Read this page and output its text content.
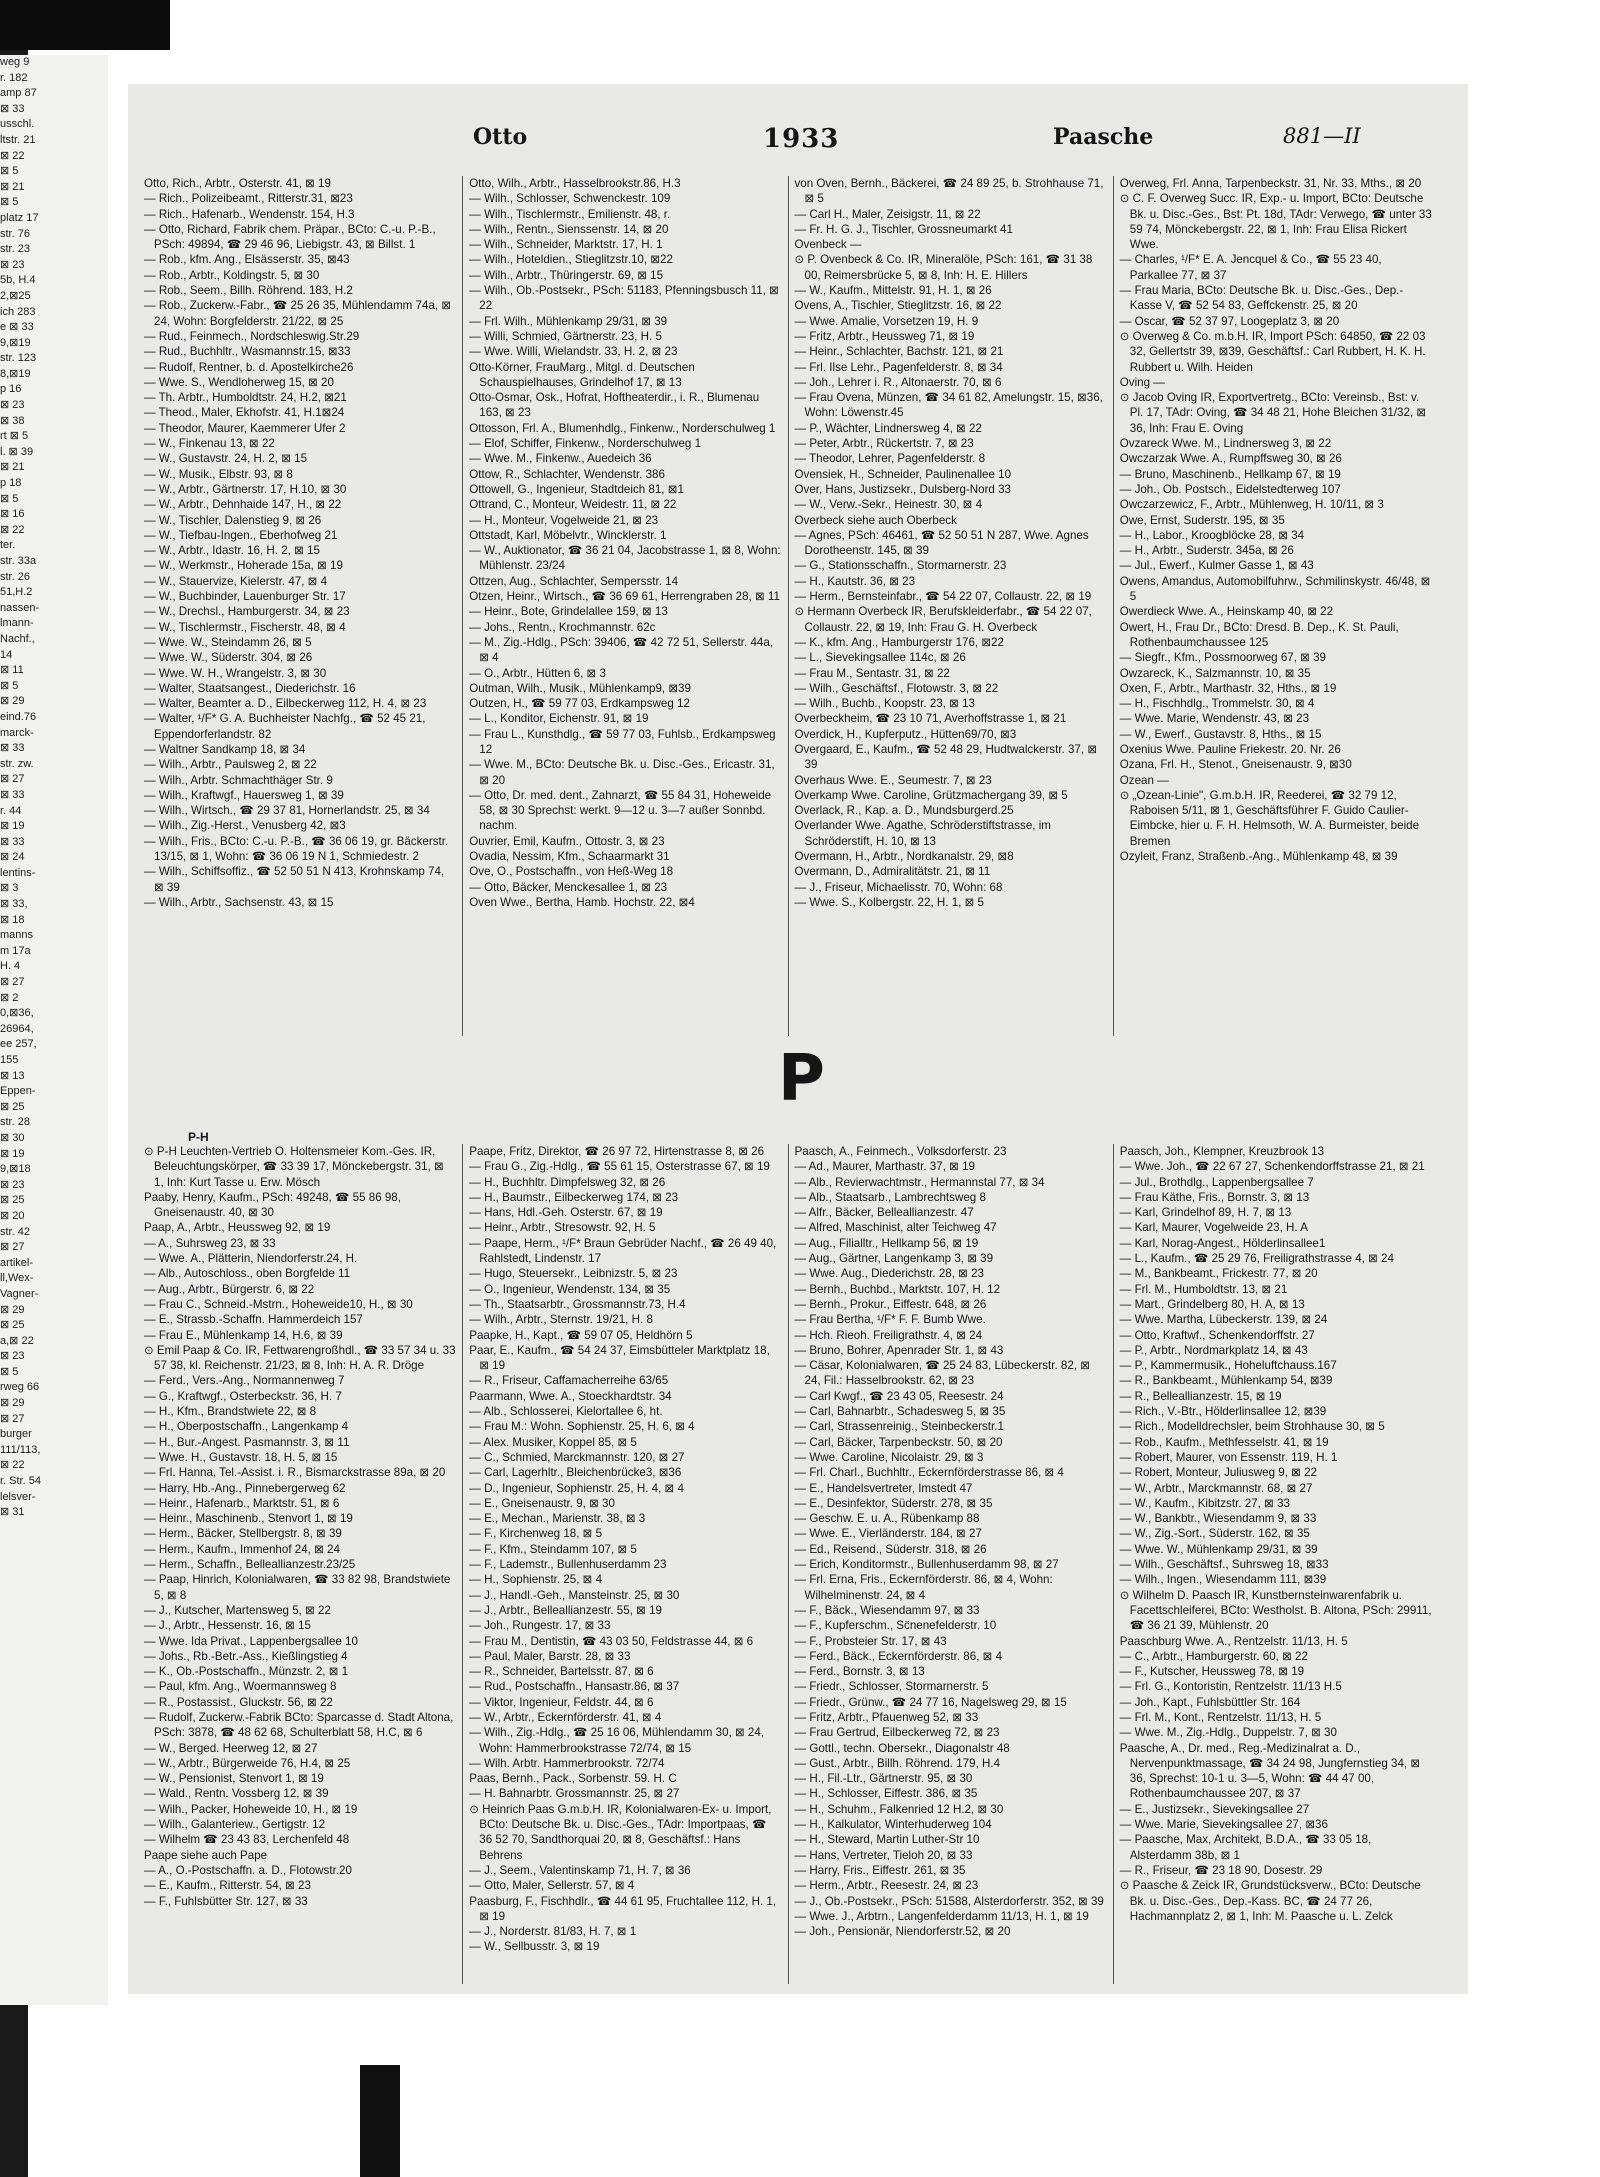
weg 9
r. 182
amp 87
⊠ 33
usschl.
ltstr. 21
⊠ 22
⊠ 5
⊠ 21
⊠ 5
platz 17
str. 76
str. 23
⊠ 23
5b, H.4
2,⊠25
ich 283
e ⊠ 33
9,⊠19
str. 123
8,⊠19
p 16
⊠ 23
⊠ 38
rt ⊠ 5
l. ⊠ 39
⊠ 21
p 18
⊠ 5
⊠ 16
⊠ 22
ter.
str. 33a
str. 26
51,H.2
nassen-
lmann-
Nachf.,
14
⊠ 11
⊠ 5
⊠ 29
eind.76
marck-
⊠ 33
str. zw.
⊠ 27
⊠ 33
r. 44
⊠ 19
⊠ 33
⊠ 24
lentins-
⊠ 3
⊠ 33,
⊠ 18
manns
m 17a
H. 4
⊠ 27
⊠ 2
0,⊠36,
26964,
ee 257,
155
⊠ 13
Eppen-
⊠ 25
str. 28
⊠ 30
⊠ 19
9,⊠18
⊠ 23
⊠ 25
⊠ 20
str. 42
⊠ 27
artikel-
ll,Wex-
Vagner-
⊠ 29
⊠ 25
a,⊠ 22
⊠ 23
⊠ 5
rweg 66
⊠ 29
⊠ 27
burger
111/113,
⊠ 22
r. Str. 54
lelsver-
⊠ 31
Otto	1933	Paasche	881—II
Otto, Rich., Arbtr., Osterstr. 41, ⊠ 19
— Rich., Polizeibeamt., Ritterstr.31, ⊠23
— Rich., Hafenarb., Wendenstr. 154, H.3
— Otto, Richard, Fabrik chem. Präpar., BCto: C.-u. P.-B., PSch: 49894, ☎ 29 46 96, Liebigstr. 43, ⊠ Billst. 1
— Rob., kfm. Ang., Elsässerstr. 35, ⊠43
— Rob., Arbtr., Koldingstr. 5, ⊠ 30
— Rob., Seem., Billh. Röhrend. 183, H.2
— Rob., Zuckerw.-Fabr., ☎ 25 26 35, Mühlendamm 74a, ⊠ 24, Wohn: Borgfelderstr. 21/22, ⊠ 25
— Rud., Feinmech., Nordschleswig.Str.29
— Rud., Buchhltr., Wasmannstr.15, ⊠33
— Rudolf, Rentner, b. d. Apostelkirche26
— Wwe. S., Wendloherweg 15, ⊠ 20
— Th. Arbtr., Humboldtstr. 24, H.2, ⊠21
— Theod., Maler, Ekhofstr. 41, H.1⊠24
— Theodor, Maurer, Kaemmerer Ufer 2
— W., Finkenau 13, ⊠ 22
— W., Gustavstr. 24, H. 2, ⊠ 15
— W., Musik., Elbstr. 93, ⊠ 8
— W., Arbtr., Gärtnerstr. 17, H.10, ⊠ 30
— W., Arbtr., Dehnhaide 147, H., ⊠ 22
— W., Tischler, Dalenstieg 9, ⊠ 26
— W., Tiefbau-Ingen., Eberhofweg 21
— W., Arbtr., Idastr. 16, H. 2, ⊠ 15
— W., Werkmstr., Hoherade 15a, ⊠ 19
— W., Stauervize, Kielerstr. 47, ⊠ 4
— W., Buchbinder, Lauenburger Str. 17
— W., Drechsl., Hamburgerstr. 34, ⊠ 23
— W., Tischlermstr., Fischerstr. 48, ⊠ 4
— Wwe. W., Steindamm 26, ⊠ 5
— Wwe. W., Süderstr. 304, ⊠ 26
— Wwe. W. H., Wrangelstr. 3, ⊠ 30
— Walter, Staatsangest., Diederichstr. 16
— Walter, Beamter a. D., Eilbeckerweg 112, H. 4, ⊠ 23
— Walter, ¹/F* G. A. Buchheister Nachfg., ☎ 52 45 21, Eppendorferlandstr. 82
— Waltner Sandkamp 18, ⊠ 34
— Wilh., Arbtr., Paulsweg 2, ⊠ 22
— Wilh., Arbtr. Schmachthäger Str. 9
— Wilh., Kraftwgf., Hauersweg 1, ⊠ 39
— Wilh., Wirtsch., ☎ 29 37 81, Hornerlandstr. 25, ⊠ 34
— Wilh., Zig.-Herst., Venusberg 42, ⊠3
— Wilh., Fris., BCto: C.-u. P.-B., ☎ 36 06 19, gr. Bäckerstr. 13/15, ⊠ 1, Wohn: ☎ 36 06 19 N 1, Schmiedestr. 2
— Wilh., Schiffsoffiz., ☎ 52 50 51 N 413, Krohnskamp 74, ⊠ 39
— Wilh., Arbtr., Sachsenstr. 43, ⊠ 15
Otto, Wilh., Arbtr., Hasselbrookstr.86, H.3
— Wilh., Schlosser, Schwenckestr. 109
— Wilh., Tischlermstr., Emilienstr. 48, r.
— Wilh., Rentn., Sienssenstr. 14, ⊠ 20
— Wilh., Schneider, Marktstr. 17, H. 1
— Wilh., Hoteldien., Stieglitzstr.10, ⊠22
— Wilh., Arbtr., Thüringerstr. 69, ⊠ 15
— Wilh., Ob.-Postsekr., PSch: 51183, Pfenningsbusch 11, ⊠ 22
— Frl. Wilh., Mühlenkamp 29/31, ⊠ 39
— Willi, Schmied, Gärtnerstr. 23, H. 5
— Wwe. Willi, Wielandstr. 33, H. 2, ⊠ 23
Otto-Körner, FrauMarg., Mitgl. d. Deutschen Schauspielhauses, Grindelhof 17, ⊠ 13
Otto-Osmar, Osk., Hofrat, Hoftheaterdir., i. R., Blumenau 163, ⊠ 23
Ottosson, Frl. A., Blumenhdlg., Finkenw., Norderschulweg 1
— Elof, Schiffer, Finkenw., Norderschulweg 1
— Wwe. M., Finkenw., Auedeich 36
Ottow, R., Schlachter, Wendenstr. 386
Ottowell, G., Ingenieur, Stadtdeich 81, ⊠1
Ottrand, C., Monteur, Weidestr. 11, ⊠ 22
— H., Monteur, Vogelweide 21, ⊠ 23
Ottstadt, Karl, Möbelvtr., Wincklerstr. 1
— W., Auktionator, ☎ 36 21 04, Jacobstrasse 1, ⊠ 8, Wohn: Mühlenstr. 23/24
Ottzen, Aug., Schlachter, Sempersstr. 14
Otzen, Heinr., Wirtsch., ☎ 36 69 61, Herrengraben 28, ⊠ 11
— Heinr., Bote, Grindelallee 159, ⊠ 13
— Johs., Rentn., Krochmannstr. 62c
— M., Zig.-Hdlg., PSch: 39406, ☎ 42 72 51, Sellerstr. 44a, ⊠ 4
— O., Arbtr., Hütten 6, ⊠ 3
Outman, Wilh., Musik., Mühlenkamp9, ⊠39
Outzen, H., ☎ 59 77 03, Erdkampsweg 12
— L., Konditor, Eichenstr. 91, ⊠ 19
— Frau L., Kunsthdlg., ☎ 59 77 03, Fuhlsb., Erdkampsweg 12
— Wwe. M., BCto: Deutsche Bk. u. Disc.-Ges., Ericastr. 31, ⊠ 20
— Otto, Dr. med. dent., Zahnarzt, ☎ 55 84 31, Hoheweide 58, ⊠ 30 Sprechst: werkt. 9—12 u. 3—7 außer Sonnbd. nachm.
Ouvrier, Emil, Kaufm., Ottostr. 3, ⊠ 23
Ovadia, Nessim, Kfm., Schaarmarkt 31
Ove, O., Postschaffn., von Heß-Weg 18
— Otto, Bäcker, Menckesallee 1, ⊠ 23
Oven Wwe., Bertha, Hamb. Hochstr. 22, ⊠4
von Oven, Bernh., Bäckerei, ☎ 24 89 25, b. Strohhause 71, ⊠ 5
— Carl H., Maler, Zeisigstr. 11, ⊠ 22
— Fr. H. G. J., Tischler, Grossneumarkt 41
Ovenbeck —
⊙ P. Ovenbeck & Co. IR, Mineralöle, PSch: 161, ☎ 31 38 00, Reimersbrücke 5, ⊠ 8, Inh: H. E. Hillers
— W., Kaufm., Mittelstr. 91, H. 1, ⊠ 26
Ovens, A., Tischler, Stieglitzstr. 16, ⊠ 22
— Wwe. Amalie, Vorsetzen 19, H. 9
— Fritz, Arbtr., Heussweg 71, ⊠ 19
— Heinr., Schlachter, Bachstr. 121, ⊠ 21
— Frl. Ilse Lehr., Pagenfelderstr. 8, ⊠ 34
— Joh., Lehrer i. R., Altonaerstr. 70, ⊠ 6
— Frau Ovena, Münzen, ☎ 34 61 82, Amelungstr. 15, ⊠36, Wohn: Löwenstr.45
— P., Wächter, Lindnersweg 4, ⊠ 22
— Peter, Arbtr., Rückertstr. 7, ⊠ 23
— Theodor, Lehrer, Pagenfelderstr. 8
Ovensiek, H., Schneider, Paulinenallee 10
Over, Hans, Justizsekr., Dulsberg-Nord 33
— W., Verw.-Sekr., Heinestr. 30, ⊠ 4
Overbeck siehe auch Oberbeck
— Agnes, PSch: 46461, ☎ 52 50 51 N 287, Wwe. Agnes Dorotheenstr. 145, ⊠ 39
— G., Stationsschaffn., Stormarnerstr. 23
— H., Kautstr. 36, ⊠ 23
— Herm., Bernsteinfabr., ☎ 54 22 07, Collaustr. 22, ⊠ 19
⊙ Hermann Overbeck IR, Berufskleiderfabr., ☎ 54 22 07, Collaustr. 22, ⊠ 19, Inh: Frau G. H. Overbeck
— K., kfm. Ang., Hamburgerstr 176, ⊠22
— L., Sievekingsallee 114c, ⊠ 26
— Frau M., Sentastr. 31, ⊠ 22
— Wilh., Geschäftsf., Flotowstr. 3, ⊠ 22
— Wilh., Buchb., Koopstr. 23, ⊠ 13
Overbeckheim, ☎ 23 10 71, Averhoffstrasse 1, ⊠ 21
Overdick, H., Kupferputz., Hütten69/70, ⊠3
Overgaard, E., Kaufm., ☎ 52 48 29, Hudtwalckerstr. 37, ⊠ 39
Overhaus Wwe. E., Seumestr. 7, ⊠ 23
Overkamp Wwe. Caroline, Grützmachergang 39, ⊠ 5
Overlack, R., Kap. a. D., Mundsburgerd.25
Overlander Wwe. Agathe, Schröderstiftstrasse, im Schröderstift, H. 10, ⊠ 13
Overmann, H., Arbtr., Nordkanalstr. 29, ⊠8
Overmann, D., Admiralitätstr. 21, ⊠ 11
— J., Friseur, Michaelisstr. 70, Wohn: 68
— Wwe. S., Kolbergstr. 22, H. 1, ⊠ 5
Overweg, Frl. Anna, Tarpenbeckstr. 31, Nr. 33, Mths., ⊠ 20
⊙ C. F. Overweg Succ. IR, Exp.- u. Import, BCto: Deutsche Bk. u. Disc.-Ges., Bst: Pt. 18d, TAdr: Verwego, ☎ unter 33 59 74, Mönckebergstr. 22, ⊠ 1, Inh: Frau Elisa Rickert Wwe.
— Charles, ¹/F* E. A. Jencquel & Co., ☎ 55 23 40, Parkallee 77, ⊠ 37
— Frau Maria, BCto: Deutsche Bk. u. Disc.-Ges., Dep.-Kasse V, ☎ 52 54 83, Geffckenstr. 25, ⊠ 20
— Oscar, ☎ 52 37 97, Loogeplatz 3, ⊠ 20
⊙ Overweg & Co. m.b.H. IR, Import PSch: 64850, ☎ 22 03 32, Gellertstr 39, ⊠39, Geschäftsf.: Carl Rubbert, H. K. H. Rubbert u. Wilh. Heiden
Oving —
⊙ Jacob Oving IR, Exportvertretg., BCto: Vereinsb., Bst: v. Pl. 17, TAdr: Oving, ☎ 34 48 21, Hohe Bleichen 31/32, ⊠ 36, Inh: Frau E. Oving
Ovzareck Wwe. M., Lindnersweg 3, ⊠ 22
Owczarzak Wwe. A., Rumpffsweg 30, ⊠ 26
— Bruno, Maschinenb., Hellkamp 67, ⊠ 19
— Joh., Ob. Postsch., Eidelstedterweg 107
Owczarzewicz, F., Arbtr., Mühlenweg, H. 10/11, ⊠ 3
Owe, Ernst, Suderstr. 195, ⊠ 35
— H., Labor., Kroogblöcke 28, ⊠ 34
— H., Arbtr., Suderstr. 345a, ⊠ 26
— Jul., Ewerf., Kulmer Gasse 1, ⊠ 43
Owens, Amandus, Automobilfuhrw., Schmilinskystr. 46/48, ⊠ 5
Owerdieck Wwe. A., Heinskamp 40, ⊠ 22
Owert, H., Frau Dr., BCto: Dresd. B. Dep., K. St. Pauli, Rothenbaumchaussee 125
— Siegfr., Kfm., Possmoorweg 67, ⊠ 39
Owzareck, K., Salzmannstr. 10, ⊠ 35
Oxen, F., Arbtr., Marthastr. 32, Hths., ⊠ 19
— H., Fischhdlg., Trommelstr. 30, ⊠ 4
— Wwe. Marie, Wendenstr. 43, ⊠ 23
— W., Ewerf., Gustavstr. 8, Hths., ⊠ 15
Oxenius Wwe. Pauline Friekestr. 20. Nr. 26
Ozana, Frl. H., Stenot., Gneisenaustr. 9, ⊠30
Ozean —
⊙ „Ozean-Linie", G.m.b.H. IR, Reederei, ☎ 32 79 12, Raboisen 5/11, ⊠ 1, Geschäftsführer F. Guido Caulier-Eimbcke, hier u. F. H. Helmsoth, W. A. Burmeister, beide Bremen
Ozyleit, Franz, Straßenb.-Ang., Mühlenkamp 48, ⊠ 39
P
P-H
⊙ P-H Leuchten-Vertrieb O. Holtensmeier Kom.-Ges. IR, Beleuchtungskörper, ☎ 33 39 17, Mönckebergstr. 31, ⊠ 1, Inh: Kurt Tasse u. Erw. Mösch
Paaby, Henry, Kaufm., PSch: 49248, ☎ 55 86 98, Gneisenaustr. 40, ⊠ 30
Paap, A., Arbtr., Heussweg 92, ⊠ 19
— A., Suhrsweg 23, ⊠ 33
— Wwe. A., Plätterin, Niendorferstr.24, H.
— Alb., Autoschloss., oben Borgfelde 11
— Aug., Arbtr., Bürgerstr. 6, ⊠ 22
— Frau C., Schneid.-Mstrn., Hoheweide10, H., ⊠ 30
— E., Strassb.-Schaffn. Hammerdeich 157
— Frau E., Mühlenkamp 14, H.6, ⊠ 39
⊙ Emil Paap & Co. IR, Fettwarengroßhdl., ☎ 33 57 34 u. 33 57 38, kl. Reichenstr. 21/23, ⊠ 8, Inh: H. A. R. Dröge
— Ferd., Vers.-Ang., Normannenweg 7
— G., Kraftwgf., Osterbeckstr. 36, H. 7
— H., Kfm., Brandstwiete 22, ⊠ 8
— H., Oberpostschaffn., Langenkamp 4
— H., Bur.-Angest. Pasmannstr. 3, ⊠ 11
— Wwe. H., Gustavstr. 18, H. 5, ⊠ 15
— Frl. Hanna, Tel.-Assist. i. R., Bismarckstrasse 89a, ⊠ 20
— Harry, Hb.-Ang., Pinnebergerweg 62
— Heinr., Hafenarb., Marktstr. 51, ⊠ 6
— Heinr., Maschinenb., Stenvort 1, ⊠ 19
— Herm., Bäcker, Stellbergstr. 8, ⊠ 39
— Herm., Kaufm., Immenhof 24, ⊠ 24
— Herm., Schaffn., Belleallianzestr.23/25
— Paap, Hinrich, Kolonialwaren, ☎ 33 82 98, Brandstwiete 5, ⊠ 8
— J., Kutscher, Martensweg 5, ⊠ 22
— J., Arbtr., Hessenstr. 16, ⊠ 15
— Wwe. Ida Privat., Lappenbergsallee 10
— Johs., Rb.-Betr.-Ass., Kießlingstieg 4
— K., Ob.-Postschaffn., Münzstr. 2, ⊠ 1
— Paul, kfm. Ang., Woermannsweg 8
— R., Postassist., Gluckstr. 56, ⊠ 22
— Rudolf, Zuckerw.-Fabrik BCto: Sparcasse d. Stadt Altona, PSch: 3878, ☎ 48 62 68, Schulterblatt 58, H.C, ⊠ 6
— W., Berged. Heerweg 12, ⊠ 27
— W., Arbtr., Bürgerweide 76, H.4, ⊠ 25
— W., Pensionist, Stenvort 1, ⊠ 19
— Wald., Rentn. Vossberg 12, ⊠ 39
— Wilh., Packer, Hoheweide 10, H., ⊠ 19
— Wilh., Galanteriew., Gertigstr. 12
— Wilhelm ☎ 23 43 83, Lerchenfeld 48
Paape siehe auch Pape
— A., O.-Postschaffn. a. D., Flotowstr.20
— E., Kaufm., Ritterstr. 54, ⊠ 23
— F., Fuhlsbütter Str. 127, ⊠ 33
Paape, Fritz, Direktor, ☎ 26 97 72, Hirtenstrasse 8, ⊠ 26
— Frau G., Zig.-Hdlg., ☎ 55 61 15, Osterstrasse 67, ⊠ 19
— H., Buchhltr. Dimpfelsweg 32, ⊠ 26
— H., Baumstr., Eilbeckerweg 174, ⊠ 23
— Hans, Hdl.-Geh. Osterstr. 67, ⊠ 19
— Heinr., Arbtr., Stresowstr. 92, H. 5
— Paape, Herm., ¹/F* Braun Gebrüder Nachf., ☎ 26 49 40, Rahlstedt, Lindenstr. 17
— Hugo, Steuersekr., Leibnizstr. 5, ⊠ 23
— O., Ingenieur, Wendenstr. 134, ⊠ 35
— Th., Staatsarbtr., Grossmannstr.73, H.4
— Wilh., Arbtr., Sternstr. 19/21, H. 8
Paapke, H., Kapt., ☎ 59 07 05, Heldhörn 5
Paar, E., Kaufm., ☎ 54 24 37, Eimsbütteler Marktplatz 18, ⊠ 19
— R., Friseur, Caffamacherreihe 63/65
Paarmann, Wwe. A., Stoeckhardtstr. 34
— Alb., Schlosserei, Kielortallee 6, ht.
— Frau M.: Wohn. Sophienstr. 25, H. 6, ⊠ 4
— Alex. Musiker, Koppel 85, ⊠ 5
— C., Schmied, Marckmannstr. 120, ⊠ 27
— Carl, Lagerhltr., Bleichenbrücke3, ⊠36
— D., Ingenieur, Sophienstr. 25, H. 4, ⊠ 4
— E., Gneisenaustr. 9, ⊠ 30
— E., Mechan., Marienstr. 38, ⊠ 3
— F., Kirchenweg 18, ⊠ 5
— F., Kfm., Steindamm 107, ⊠ 5
— F., Lademstr., Bullenhuserdamm 23
— H., Sophienstr. 25, ⊠ 4
— J., Handl.-Geh., Mansteinstr. 25, ⊠ 30
— J., Arbtr., Belleallianzestr. 55, ⊠ 19
— Joh., Rungestr. 17, ⊠ 33
— Frau M., Dentistin, ☎ 43 03 50, Feldstrasse 44, ⊠ 6
— Paul, Maler, Barstr. 28, ⊠ 33
— R., Schneider, Bartelsstr. 87, ⊠ 6
— Rud., Postschaffn., Hansastr.86, ⊠ 37
— Viktor, Ingenieur, Feldstr. 44, ⊠ 6
— W., Arbtr., Eckernförderstr. 41, ⊠ 4
— Wilh., Zig.-Hdlg., ☎ 25 16 06, Mühlendamm 30, ⊠ 24, Wohn: Hammerbrookstrasse 72/74, ⊠ 15
— Wilh. Arbtr. Hammerbrookstr. 72/74
Paas, Bernh., Pack., Sorbenstr. 59. H. C
— H. Bahnarbtr. Grossmannstr. 25, ⊠ 27
⊙ Heinrich Paas G.m.b.H. IR, Kolonialwaren-Ex- u. Import, BCto: Deutsche Bk. u. Disc.-Ges., TAdr: Importpaas, ☎ 36 52 70, Sandthorquai 20, ⊠ 8, Geschäftsf.: Hans Behrens
— J., Seem., Valentinskamp 71, H. 7, ⊠ 36
— Otto, Maler, Sellerstr. 57, ⊠ 4
Paasburg, F., Fischhdlr., ☎ 44 61 95, Fruchtallee 112, H. 1, ⊠ 19
— J., Norderstr. 81/83, H. 7, ⊠ 1
— W., Sellbusstr. 3, ⊠ 19
Paasch, A., Feinmech., Volksdorferstr. 23
— Ad., Maurer, Marthastr. 37, ⊠ 19
— Alb., Revierwachtmstr., Hermannstal 77, ⊠ 34
— Alb., Staatsarb., Lambrechtsweg 8
— Alfr., Bäcker, Belleallianzestr. 47
— Alfred, Maschinist, alter Teichweg 47
— Aug., Filialltr., Hellkamp 56, ⊠ 19
— Aug., Gärtner, Langenkamp 3, ⊠ 39
— Wwe. Aug., Diederichstr. 28, ⊠ 23
— Bernh., Buchbd., Marktstr. 107, H. 12
— Bernh., Prokur., Eiffestr. 648, ⊠ 26
— Frau Bertha, ¹/F* F. F. Bumb Wwe.
— Hch. Rieoh. Freiligrathstr. 4, ⊠ 24
— Bruno, Bohrer, Apenrader Str. 1, ⊠ 43
— Cäsar, Kolonialwaren, ☎ 25 24 83, Lübeckerstr. 82, ⊠ 24, Fil.: Hasselbrookstr. 62, ⊠ 23
— Carl Kwgf., ☎ 23 43 05, Reesestr. 24
— Carl, Bahnarbtr., Schadesweg 5, ⊠ 35
— Carl, Strassenreinig., Steinbeckerstr.1
— Carl, Bäcker, Tarpenbeckstr. 50, ⊠ 20
— Wwe. Caroline, Nicolaistr. 29, ⊠ 3
— Frl. Charl., Buchhltr., Eckernförderstrasse 86, ⊠ 4
— E., Handelsvertreter, Imstedt 47
— E., Desinfektor, Süderstr. 278, ⊠ 35
— Geschw. E. u. A., Rübenkamp 88
— Wwe. E., Vierländerstr. 184, ⊠ 27
— Ed., Reisend., Süderstr. 318, ⊠ 26
— Erich, Konditormstr., Bullenhuserdamm 98, ⊠ 27
— Frl. Erna, Fris., Eckernförderstr. 86, ⊠ 4, Wohn: Wilhelminenstr. 24, ⊠ 4
— F., Bäck., Wiesendamm 97, ⊠ 33
— F., Kupferschm., Sc̈nenefelderstr. 10
— F., Probsteier Str. 17, ⊠ 43
— Ferd., Bäck., Eckernförderstr. 86, ⊠ 4
— Ferd., Bornstr. 3, ⊠ 13
— Friedr., Schlosser, Stormarnerstr. 5
— Friedr., Grünw., ☎ 24 77 16, Nagelsweg 29, ⊠ 15
— Fritz, Arbtr., Pfauenweg 52, ⊠ 33
— Frau Gertrud, Eilbeckerweg 72, ⊠ 23
— Gottl., techn. Obersekr., Diagonalstr 48
— Gust., Arbtr., Billh. Röhrend. 179, H.4
— H., Fil.-Ltr., Gärtnerstr. 95, ⊠ 30
— H., Schlosser, Eiffestr. 386, ⊠ 35
— H., Schuhm., Falkenried 12 H.2, ⊠ 30
— H., Kalkulator, Winterhuderweg 104
— H., Steward, Martin Luther-Str 10
— Hans, Vertreter, Tieloh 20, ⊠ 33
— Harry, Fris., Eiffestr. 261, ⊠ 35
— Herm., Arbtr., Reesestr. 24, ⊠ 23
— J., Ob.-Postsekr., PSch: 51588, Alsterdorferstr. 352, ⊠ 39
— Wwe. J., Arbtrn., Langenfelderdamm 11/13, H. 1, ⊠ 19
— Joh., Pensionär, Niendorferstr.52, ⊠ 20
Paasch, Joh., Klempner, Kreuzbrook 13
— Wwe. Joh., ☎ 22 67 27, Schenkendorffstrasse 21, ⊠ 21
— Jul., Brothdlg., Lappenbergsallee 7
— Frau Käthe, Fris., Bornstr. 3, ⊠ 13
— Karl, Grindelhof 89, H. 7, ⊠ 13
— Karl, Maurer, Vogelweide 23, H. A
— Karl, Norag-Angest., Hölderlinsallee1
— L., Kaufm., ☎ 25 29 76, Freiligrathstrasse 4, ⊠ 24
— M., Bankbeamt., Frickestr. 77, ⊠ 20
— Frl. M., Humboldtstr. 13, ⊠ 21
— Mart., Grindelberg 80, H. A, ⊠ 13
— Wwe. Martha, Lübeckerstr. 139, ⊠ 24
— Otto, Kraftwf., Schenkendorffstr. 27
— P., Arbtr., Nordmarkplatz 14, ⊠ 43
— P., Kammermusik., Hoheluftchauss.167
— R., Bankbeamt., Mühlenkamp 54, ⊠39
— R., Belleallianzestr. 15, ⊠ 19
— Rich., V.-Btr., Hölderlinsallee 12, ⊠39
— Rich., Modelldrechsler, beim Strohhause 30, ⊠ 5
— Rob., Kaufm., Methfesselstr. 41, ⊠ 19
— Robert, Maurer, von Essenstr. 119, H. 1
— Robert, Monteur, Juliusweg 9, ⊠ 22
— W., Arbtr., Marckmannstr. 68, ⊠ 27
— W., Kaufm., Kibitzstr. 27, ⊠ 33
— W., Bankbtr., Wiesendamm 9, ⊠ 33
— W., Zig.-Sort., Süderstr. 162, ⊠ 35
— Wwe. W., Mühlenkamp 29/31, ⊠ 39
— Wilh., Geschäftsf., Suhrsweg 18, ⊠33
— Wilh., Ingen., Wiesendamm 111, ⊠39
⊙ Wilhelm D. Paasch IR, Kunstbernsteinwarenfabrik u. Facettschleiferei, BCto: Westholst. B. Altona, PSch: 29911, ☎ 36 21 39, Mühlenstr. 20
Paaschburg Wwe. A., Rentzelstr. 11/13, H. 5
— C., Arbtr., Hamburgerstr. 60, ⊠ 22
— F., Kutscher, Heussweg 78, ⊠ 19
— Frl. G., Kontoristin, Rentzelstr. 11/13 H.5
— Joh., Kapt., Fuhlsbüttler Str. 164
— Frl. M., Kont., Rentzelstr. 11/13, H. 5
— Wwe. M., Zig.-Hdlg., Duppelstr. 7, ⊠ 30
Paasche, A., Dr. med., Reg.-Medizinalrat a. D., Nervenpunktmassage, ☎ 34 24 98, Jungfernstieg 34, ⊠ 36, Sprechst: 10-1 u. 3—5, Wohn: ☎ 44 47 00, Rothenbaumchaussee 207, ⊠ 37
— E., Justizsekr., Sievekingsallee 27
— Wwe. Marie, Sievekingsallee 27, ⊠36
— Paasche, Max, Architekt, B.D.A., ☎ 33 05 18, Alsterdamm 38b, ⊠ 1
— R., Friseur, ☎ 23 18 90, Dosestr. 29
⊙ Paasche & Zeick IR, Grundstücksverw., BCto: Deutsche Bk. u. Disc.-Ges., Dep.-Kass. BC, ☎ 24 77 26, Hachmannplatz 2, ⊠ 1, Inh: M. Paasche u. L. Zelck
